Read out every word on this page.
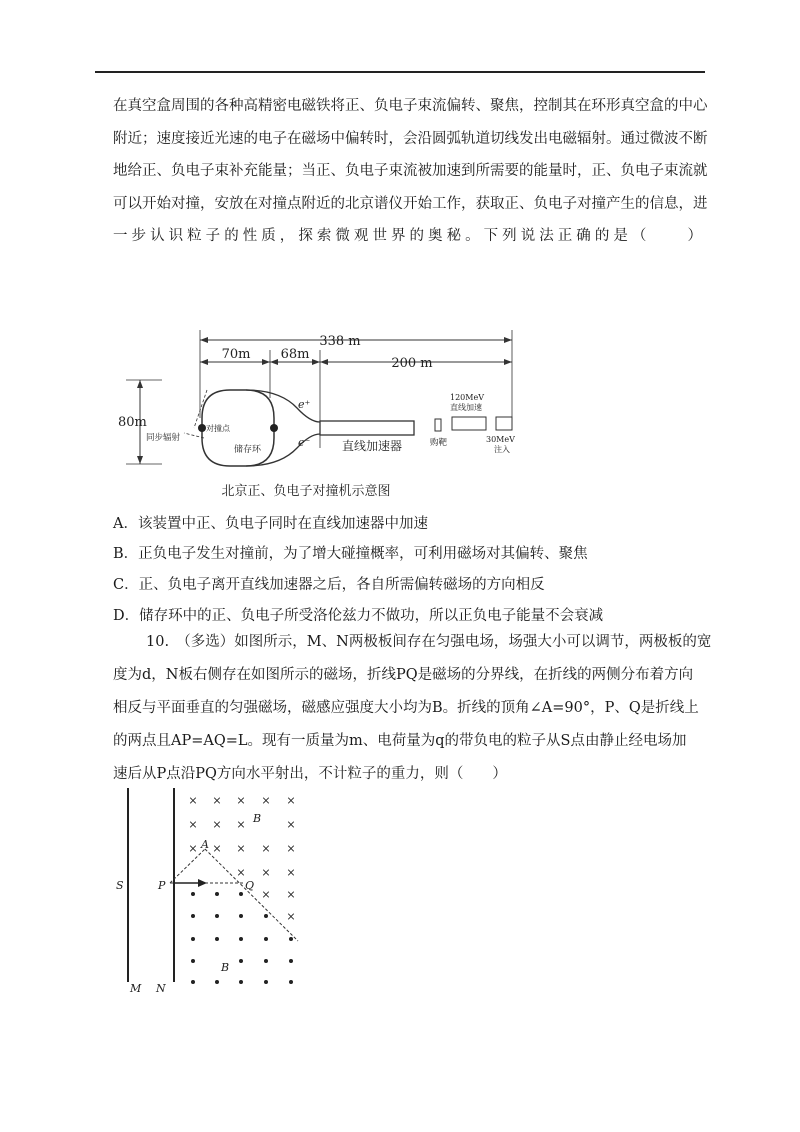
在真空盒周围的各种高精密电磁铁将正、负电子束流偏转、聚焦，控制其在环形真空盒的中心
附近；速度接近光速的电子在磁场中偏转时，会沿圆弧轨道切线发出电磁辐射。通过微波不断
地给正、负电子束补充能量；当正、负电子束流被加速到所需要的能量时，正、负电子束流就
可以开始对撞，安放在对撞点附近的北京谱仪开始工作，获取正、负电子对撞产生的信息，进
一步认识粒子的性质，探索微观世界的奥秘。下列说法正确的是（　　）
338 m
70m 68m
200 m
80m
e⁺
e⁻
对撞点
同步辐射
储存环	直线加速器	购靶
120MeV
直线加速
30MeV
注入
北京正、负电子对撞机示意图

A．该装置中正、负电子同时在直线加速器中加速

B．正负电子发生对撞前，为了增大碰撞概率，可利用磁场对其偏转、聚焦

C．正、负电子离开直线加速器之后，各自所需偏转磁场的方向相反

D．储存环中的正、负电子所受洛伦兹力不做功，所以正负电子能量不会衰减

10.　（多选）如图所示，M、N两极板间存在匀强电场，场强大小可以调节，两极板的宽
度为d，N板右侧存在如图所示的磁场，折线PQ是磁场的分界线，在折线的两侧分布着方向
相反与平面垂直的匀强磁场，磁感应强度大小均为B。折线的顶角∠A=90°，P、Q是折线上
的两点且AP=AQ=L。现有一质量为m、电荷量为q的带负电的粒子从S点由静止经电场加
速后从P点沿PQ方向水平射出，不计粒子的重力，则（　　）
S	P
M N
× × × × ×
× × ×	×
× × × × ×
× × ×
× ×
×
B
B
A
Q
